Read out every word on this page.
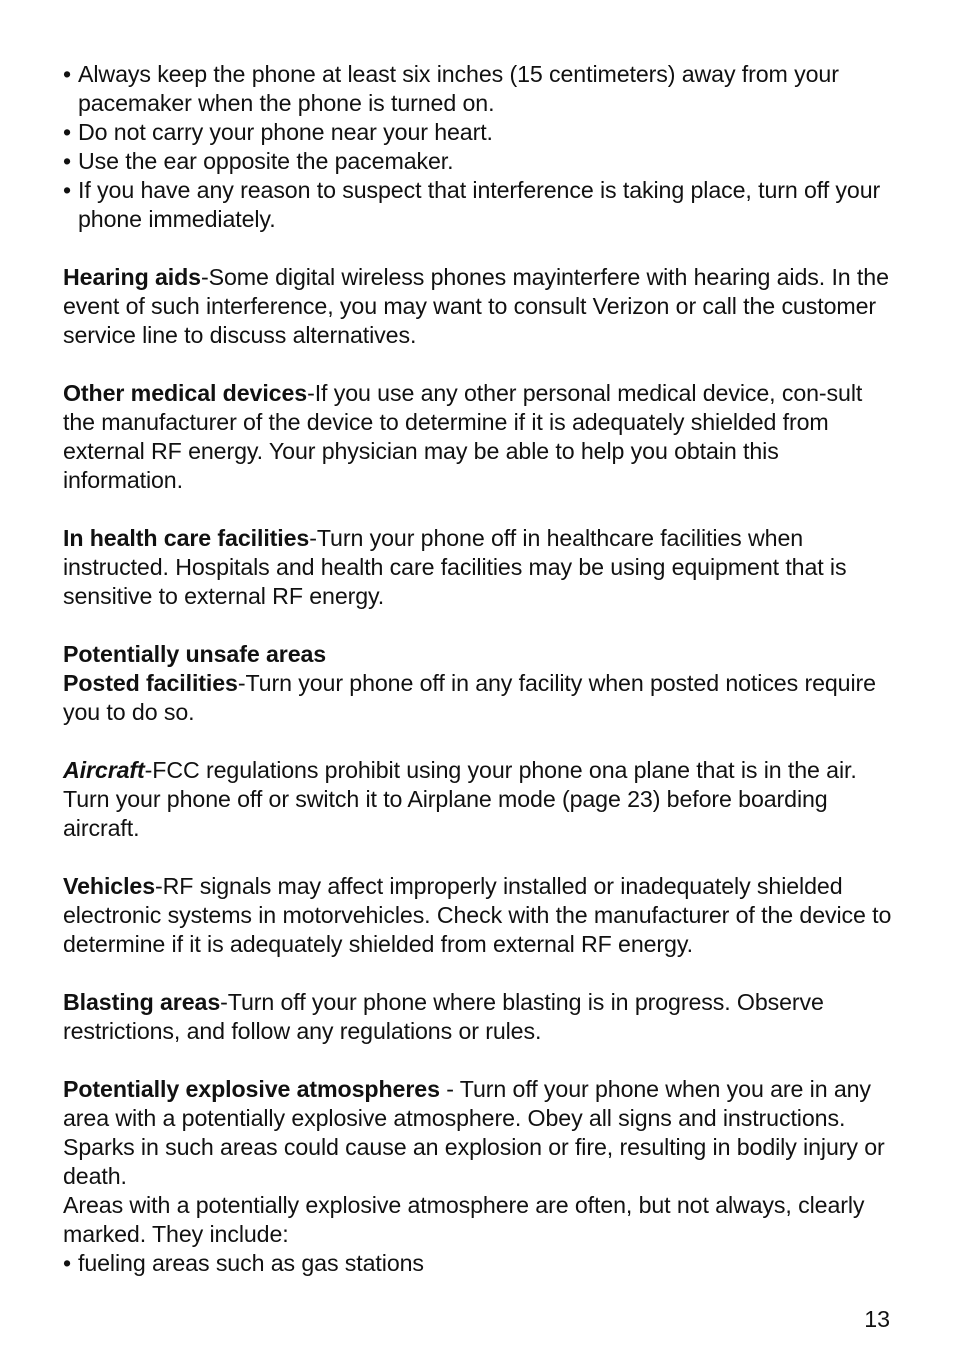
• Always keep the phone at least six inches (15 centimeters) away from your pacemaker when the phone is turned on.
• Do not carry your phone near your heart.
• Use the ear opposite the pacemaker.
• If you have any reason to suspect that interference is taking place, turn off your phone immediately.

Hearing aids-Some digital wireless phones mayinterfere with hearing aids. In the event of such interference, you may want to consult Verizon or call the customer service line to discuss alternatives.

Other medical devices-If you use any other personal medical device, con-sult the manufacturer of the device to determine if it is adequately shielded from external RF energy. Your physician may be able to help you obtain this information.

In health care facilities-Turn your phone off in healthcare facilities when instructed. Hospitals and health care facilities may be using equipment that is sensitive to external RF energy.

Potentially unsafe areas

Posted facilities-Turn your phone off in any facility when posted notices require you to do so.

Aircraft-FCC regulations prohibit using your phone ona plane that is in the air. Turn your phone off or switch it to Airplane mode (page 23) before boarding aircraft.

Vehicles-RF signals may affect improperly installed or inadequately shielded electronic systems in motorvehicles. Check with the manufacturer of the device to determine if it is adequately shielded from external RF energy.

Blasting areas-Turn off your phone where blasting is in progress. Observe restrictions, and follow any regulations or rules.

Potentially explosive atmospheres - Turn off your phone when you are in any area with a potentially explosive atmosphere. Obey all signs and instructions. Sparks in such areas could cause an explosion or fire, resulting in bodily injury or death.

Areas with a potentially explosive atmosphere are often, but not always, clearly marked. They include:

• fueling areas such as gas stations
13
